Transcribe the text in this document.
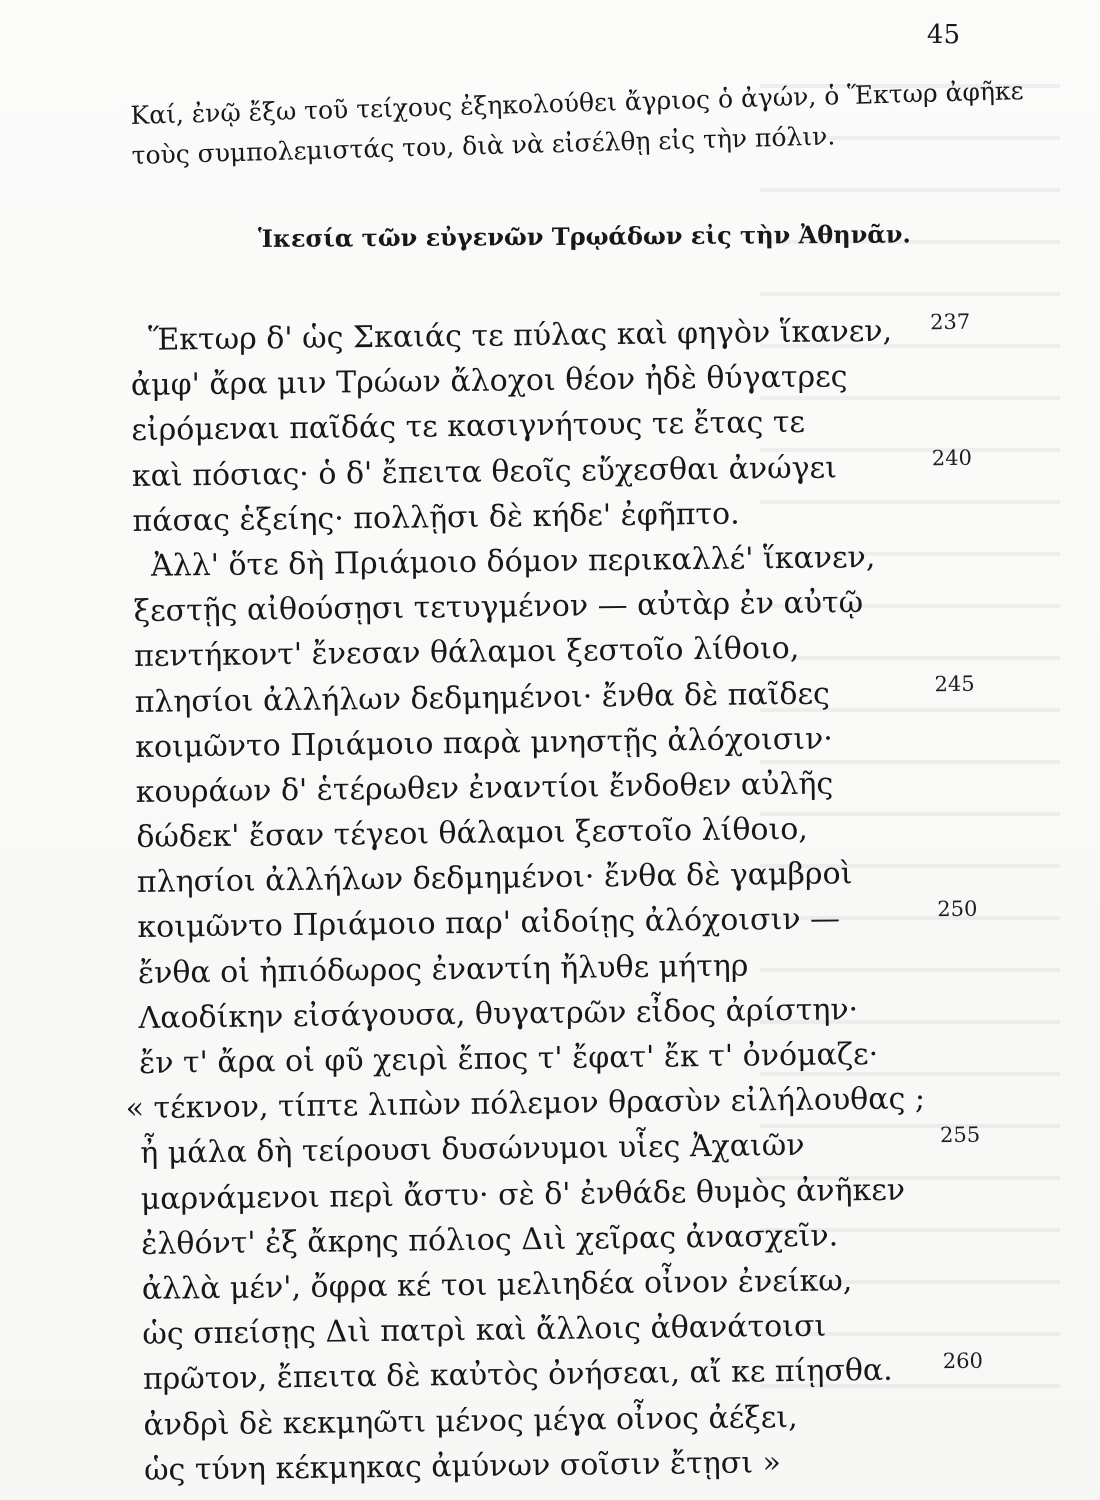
45

Καί, ἐνῷ ἔξω τοῦ τείχους ἐξηκολούθει ἄγριος ὁ ἀγών, ὁ Ἕκτωρ ἀφῆκε

τοὺς συμπολεμιστάς του, διὰ νὰ εἰσέλθῃ εἰς τὴν πόλιν.

Ἱκεσία τῶν εὐγενῶν Τρῳάδων εἰς τὴν Ἀθηνᾶν.
Ἕκτωρ δ' ὡς Σκαιάς τε πύλας καὶ φηγὸν ἵκανεν, 237
ἀμφ' ἄρα μιν Τρώων ἄλοχοι θέον ἠδὲ θύγατρες
εἰρόμεναι παῖδάς τε κασιγνήτους τε ἔτας τε
καὶ πόσιας· ὁ δ' ἔπειτα θεοῖς εὔχεσθαι ἀνώγει	240
πάσας ἑξείης· πολλῇσι δὲ κήδε' ἐφῆπτο.
Ἀλλ' ὅτε δὴ Πριάμοιο δόμον περικαλλέ' ἵκανεν,
ξεστῇς αἰθούσῃσι τετυγμένον — αὐτὰρ ἐν αὐτῷ
πεντήκοντ' ἔνεσαν θάλαμοι ξεστοῖο λίθοιο,
πλησίοι ἀλλήλων δεδμημένοι· ἔνθα δὲ παῖδες	245
κοιμῶντο Πριάμοιο παρὰ μνηστῇς ἀλόχοισιν·
κουράων δ' ἑτέρωθεν ἐναντίοι ἔνδοθεν αὐλῆς
δώδεκ' ἔσαν τέγεοι θάλαμοι ξεστοῖο λίθοιο,
πλησίοι ἀλλήλων δεδμημένοι· ἔνθα δὲ γαμβροὶ
κοιμῶντο Πριάμοιο παρ' αἰδοίῃς ἀλόχοισιν —	250
ἔνθα οἱ ἠπιόδωρος ἐναντίη ἤλυθε μήτηρ
Λαοδίκην εἰσάγουσα, θυγατρῶν εἶδος ἀρίστην·
ἔν τ' ἄρα οἱ φῦ χειρὶ ἔπος τ' ἔφατ' ἔκ τ' ὀνόμαζε·
« τέκνον, τίπτε λιπὼν πόλεμον θρασὺν εἰλήλουθας ;
ἦ μάλα δὴ τείρουσι δυσώνυμοι υἷες Ἀχαιῶν	255
μαρνάμενοι περὶ ἄστυ· σὲ δ' ἐνθάδε θυμὸς ἀνῆκεν
ἐλθόντ' ἐξ ἄκρης πόλιος Διὶ χεῖρας ἀνασχεῖν.
ἀλλὰ μέν', ὄφρα κέ τοι μελιηδέα οἶνον ἐνείκω,
ὡς σπείσῃς Διὶ πατρὶ καὶ ἄλλοις ἀθανάτοισι
πρῶτον, ἔπειτα δὲ καὐτὸς ὀνήσεαι, αἴ κε πίῃσθα. 260
ἀνδρὶ δὲ κεκμηῶτι μένος μέγα οἶνος ἀέξει,
ὡς τύνη κέκμηκας ἀμύνων σοῖσιν ἔτῃσι »
